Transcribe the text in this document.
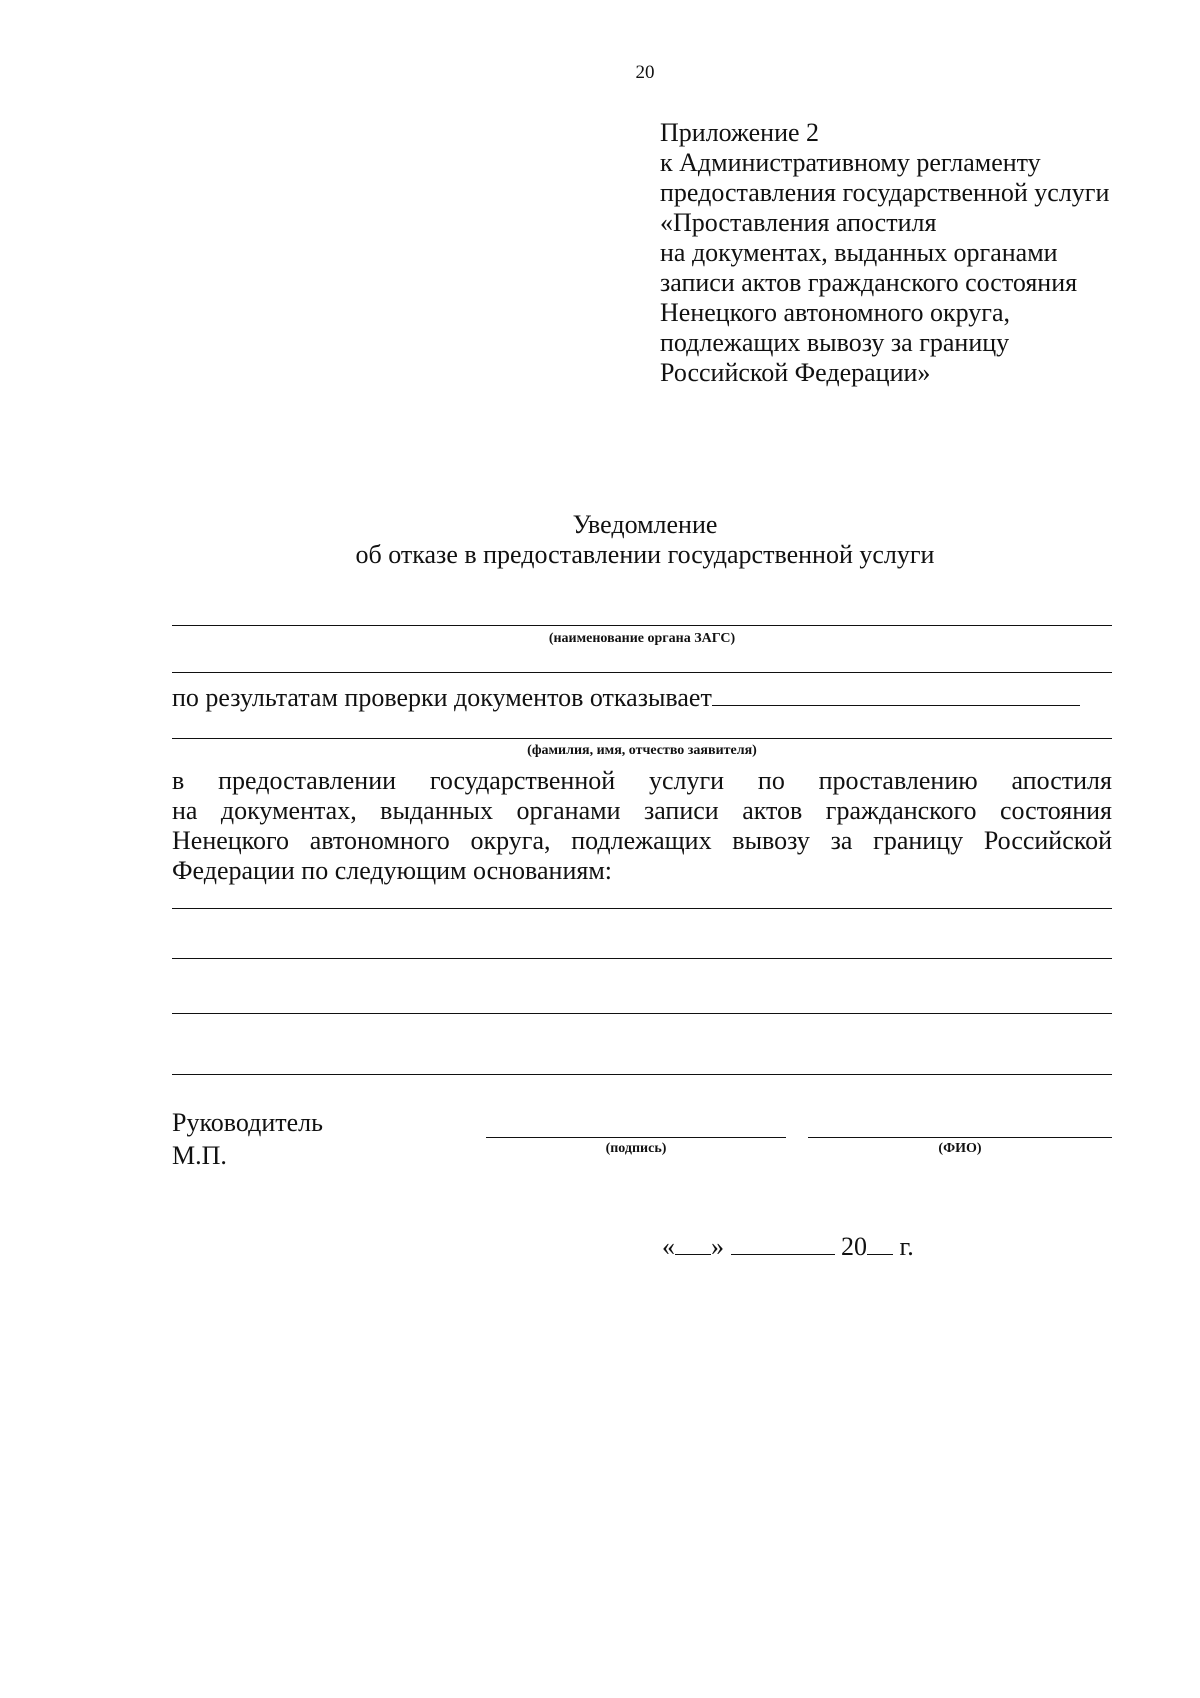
20
Приложение 2
к Административному регламенту
предоставления государственной услуги
«Проставления апостиля
на документах, выданных органами
записи актов гражданского состояния
Ненецкого автономного округа,
подлежащих вывозу за границу
Российской Федерации»
Уведомление
об отказе в предоставлении государственной услуги
(наименование органа ЗАГС)
по результатам проверки документов отказывает
(фамилия, имя, отчество заявителя)
в предоставлении государственной услуги по проставлению апостиля
на документах, выданных органами записи актов гражданского состояния
Ненецкого автономного округа, подлежащих вывозу за границу Российской
Федерации по следующим основаниям:
Руководитель
М.П.	(подпись)	(ФИО)
« »	20 г.
